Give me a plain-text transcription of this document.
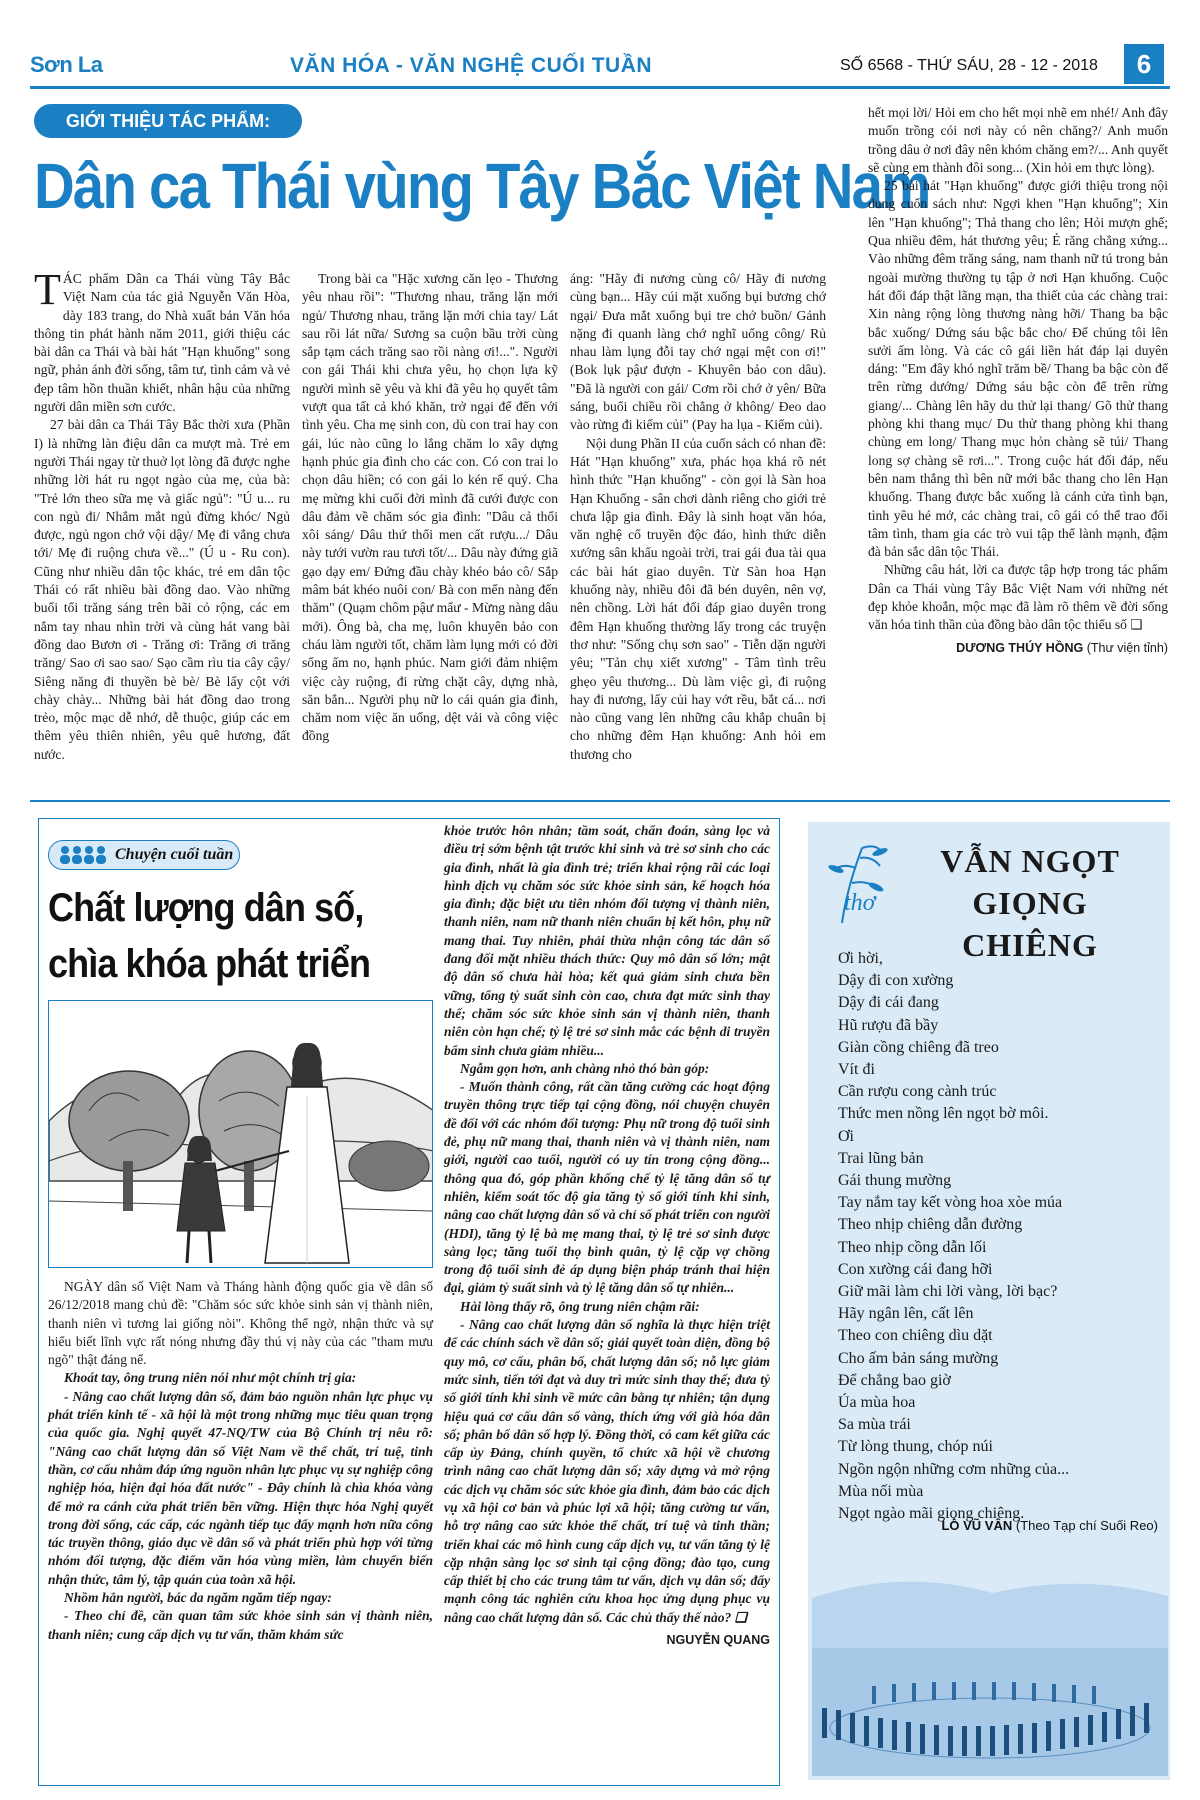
Sơn La	VĂN HÓA - VĂN NGHỆ CUỐI TUẦN	SỐ 6568 - THỨ SÁU, 28 - 12 - 2018	6
GIỚI THIỆU TÁC PHẨM:
Dân ca Thái vùng Tây Bắc Việt Nam

TÁC phẩm Dân ca Thái vùng Tây Bắc Việt Nam của tác giả Nguyễn Văn Hòa, dày 183 trang, do Nhà xuất bản Văn hóa thông tin phát hành năm 2011, giới thiệu các bài dân ca Thái và bài hát "Hạn khuống" song ngữ, phản ánh đời sống, tâm tư, tình cảm và vẻ đẹp tâm hồn thuần khiết, nhân hậu của những người dân miền sơn cước.

27 bài dân ca Thái Tây Bắc thời xưa (Phần I) là những làn điệu dân ca mượt mà. Trẻ em người Thái ngay từ thuở lọt lòng đã được nghe những lời hát ru ngọt ngào của mẹ, của bà: "Trẻ lớn theo sữa mẹ và giấc ngủ": "Ú u... ru con ngủ đi/ Nhắm mắt ngủ đừng khóc/ Ngủ được, ngủ ngon chớ vội dậy/ Mẹ đi vắng chưa tới/ Mẹ đi ruộng chưa về..." (Ú u - Ru con). Cũng như nhiều dân tộc khác, trẻ em dân tộc Thái có rất nhiều bài đồng dao. Vào những buổi tối trăng sáng trên bãi cỏ rộng, các em nắm tay nhau nhìn trời và cùng hát vang bài đồng dao Bươn ơi - Trăng ơi: Trăng ơi trăng trăng/ Sao ơi sao sao/ Sạo cầm rìu tia cây cậy/ Siêng năng đi thuyền bè bè/ Bè lấy cột với chày chày... Những bài hát đồng dao trong trẻo, mộc mạc dễ nhớ, dễ thuộc, giúp các em thêm yêu thiên nhiên, yêu quê hương, đất nước.

Trong bài ca "Hặc xương căn lẹo - Thương yêu nhau rồi": "Thương nhau, trăng lặn mới ngủ/ Thương nhau, trăng lặn mới chia tay/ Lát sau rồi lát nữa/ Sương sa cuộn bầu trời cùng sắp tạm cách trăng sao rồi nàng ơi!...". Người con gái Thái khi chưa yêu, họ chọn lựa kỹ người mình sẽ yêu và khi đã yêu họ quyết tâm vượt qua tất cả khó khăn, trở ngại để đến với tình yêu. Cha mẹ sinh con, dù con trai hay con gái, lúc nào cũng lo lắng chăm lo xây dựng hạnh phúc gia đình cho các con. Có con trai lo chọn dâu hiền; có con gái lo kén rể quý. Cha mẹ mừng khi cuối đời mình đã cưới được con dâu đảm về chăm sóc gia đình: "Dâu cả thổi xôi sáng/ Dâu thứ thổi men cất rượu.../ Dâu này tưới vườn rau tươi tốt/... Dâu này đứng giã gạo dạy em/ Đứng đầu chày khéo bảo cô/ Sắp mâm bát khéo nuôi con/ Bà con mến nàng đến thăm" (Quạm chôm pậư mẩư - Mừng nàng dâu mới). Ông bà, cha mẹ, luôn khuyên bảo con cháu làm người tốt, chăm làm lụng mới có đời sống ấm no, hạnh phúc. Nam giới đảm nhiệm việc cày ruộng, đi rừng chặt cây, dựng nhà, săn bắn... Người phụ nữ lo cái quán gia đình, chăm nom việc ăn uống, dệt vải và công việc đồng

áng: "Hãy đi nương cùng cô/ Hãy đi nương cùng bạn... Hãy cúi mặt xuống bụi bương chớ ngại/ Đưa mắt xuống bụi tre chớ buồn/ Gánh nặng đi quanh làng chớ nghĩ uổng công/ Rủ nhau làm lụng đỗi tay chớ ngại mệt con ơi!" (Bok lụk pậư đượn - Khuyên bảo con dâu). "Đã là người con gái/ Cơm rồi chớ ở yên/ Bữa sáng, buổi chiều rồi chẳng ở không/ Đeo dao vào rừng đi kiếm củi" (Pay ha lụa - Kiếm củi).

Nội dung Phần II của cuốn sách có nhan đề: Hát "Hạn khuống" xưa, phác họa khá rõ nét hình thức "Hạn khuống" - còn gọi là Sàn hoa Hạn Khuống - sân chơi dành riêng cho giới trẻ chưa lập gia đình. Đây là sinh hoạt văn hóa, văn nghệ cổ truyền độc đáo, hình thức diễn xướng sân khấu ngoài trời, trai gái đua tài qua các bài hát giao duyên. Từ Sàn hoa Hạn khuống này, nhiều đôi đã bén duyên, nên vợ, nên chồng. Lời hát đối đáp giao duyên trong đêm Hạn khuống thường lấy trong các truyện thơ như: "Sống chụ sơn sao" - Tiễn dặn người yêu; "Tản chụ xiết xương" - Tâm tình trêu ghẹo yêu thương... Dù làm việc gì, đi ruộng hay đi nương, lấy củi hay vớt rều, bắt cá... nơi nào cũng vang lên những câu khắp chuân bị cho những đêm Hạn khuống: Anh hỏi em thương cho

hết mọi lời/ Hỏi em cho hết mọi nhẽ em nhé!/ Anh đây muốn trồng cói nơi này có nên chăng?/ Anh muốn trồng dâu ở nơi đây nên khóm chăng em?/... Anh quyết sẽ cùng em thành đôi song... (Xin hỏi em thực lòng).

25 bài hát "Hạn khuống" được giới thiệu trong nội dung cuốn sách như: Ngợi khen "Hạn khuống"; Xin lên "Hạn khuống"; Thả thang cho lên; Hỏi mượn ghế; Qua nhiều đêm, hát thương yêu; Ẻ răng chẳng xứng... Vào những đêm trăng sáng, nam thanh nữ tú trong bản ngoài mường thường tụ tập ở nơi Hạn khuống. Cuộc hát đối đáp thật lãng mạn, tha thiết của các chàng trai: Xin nàng rộng lòng thương nàng hỡi/ Thang ba bậc bắc xuống/ Dứng sáu bậc bắc cho/ Để chúng tôi lên sưởi ấm lòng. Và các cô gái liền hát đáp lại duyên dáng: "Em đây khó nghĩ trăm bề/ Thang ba bậc còn để trên rừng dướng/ Dứng sáu bậc còn để trên rừng giang/... Chàng lên hãy du thử lại thang/ Gõ thử thang phòng khi thang mục/ Du thử thang phòng khi thang chùng em long/ Thang mục hỏn chàng sẽ túi/ Thang long sợ chàng sẽ rơi...". Trong cuộc hát đối đáp, nếu bên nam thắng thì bên nữ mới bắc thang cho lên Hạn khuống. Thang được bắc xuống là cánh cửa tình bạn, tình yêu hé mở, các chàng trai, cô gái có thể trao đổi tâm tình, tham gia các trò vui tập thể lành mạnh, đậm đà bản sắc dân tộc Thái.

Những câu hát, lời ca được tập hợp trong tác phẩm Dân ca Thái vùng Tây Bắc Việt Nam với những nét đẹp khỏe khoắn, mộc mạc đã làm rõ thêm về đời sống văn hóa tinh thần của đồng bào dân tộc thiểu số ❑

DƯƠNG THÚY HỒNG (Thư viện tỉnh)

Chuyện cuối tuần
Chất lượng dân số, chìa khóa phát triển

NGÀY dân số Việt Nam và Tháng hành động quốc gia về dân số 26/12/2018 mang chủ đề: "Chăm sóc sức khỏe sinh sản vị thành niên, thanh niên vì tương lai giống nòi". Không thể ngờ, nhận thức và sự hiểu biết lĩnh vực rất nóng nhưng đầy thú vị này của các "tham mưu ngõ" thật đáng nể.

Khoát tay, ông trung niên nói như một chính trị gia:

- Nâng cao chất lượng dân số, đảm bảo nguồn nhân lực phục vụ phát triển kinh tế - xã hội là một trong những mục tiêu quan trọng của quốc gia. Nghị quyết 47-NQ/TW của Bộ Chính trị nêu rõ: "Nâng cao chất lượng dân số Việt Nam về thể chất, trí tuệ, tinh thần, cơ cấu nhằm đáp ứng nguồn nhân lực phục vụ sự nghiệp công nghiệp hóa, hiện đại hóa đất nước" - Đây chính là chìa khóa vàng để mở ra cánh cửa phát triển bền vững. Hiện thực hóa Nghị quyết trong đời sống, các cấp, các ngành tiếp tục đẩy mạnh hơn nữa công tác truyền thông, giáo dục về dân số và phát triển phù hợp với từng nhóm đối tượng, đặc điểm văn hóa vùng miền, làm chuyển biến nhận thức, tâm lý, tập quán của toàn xã hội.

Nhồm hẳn người, bác da ngăm ngăm tiếp ngay:

- Theo chỉ đề, cần quan tâm sức khỏe sinh sản vị thành niên, thanh niên; cung cấp dịch vụ tư vấn, thăm khám sức

khỏe trước hôn nhân; tầm soát, chẩn đoán, sàng lọc và điều trị sớm bệnh tật trước khi sinh và trẻ sơ sinh cho các gia đình, nhất là gia đình trẻ; triển khai rộng rãi các loại hình dịch vụ chăm sóc sức khỏe sinh sản, kế hoạch hóa gia đình; đặc biệt ưu tiên nhóm đối tượng vị thành niên, thanh niên, nam nữ thanh niên chuẩn bị kết hôn, phụ nữ mang thai. Tuy nhiên, phải thừa nhận công tác dân số đang đối mặt nhiều thách thức: Quy mô dân số lớn; mật độ dân số chưa hài hòa; kết quả giảm sinh chưa bền vững, tổng tỷ suất sinh còn cao, chưa đạt mức sinh thay thế; chăm sóc sức khỏe sinh sản vị thành niên, thanh niên còn hạn chế; tỷ lệ trẻ sơ sinh mắc các bệnh di truyền bẩm sinh chưa giảm nhiều...

Ngẫm gọn hơn, anh chàng nhỏ thó bàn góp:

- Muốn thành công, rất cần tăng cường các hoạt động truyền thông trực tiếp tại cộng đồng, nói chuyện chuyên đề đối với các nhóm đối tượng: Phụ nữ trong độ tuổi sinh đẻ, phụ nữ mang thai, thanh niên và vị thành niên, nam giới, người cao tuổi, người có uy tín trong cộng đồng... thông qua đó, góp phần khống chế tỷ lệ tăng dân số tự nhiên, kiểm soát tốc độ gia tăng tỷ số giới tính khi sinh, nâng cao chất lượng dân số và chỉ số phát triển con người (HDI), tăng tỷ lệ bà mẹ mang thai, tỷ lệ trẻ sơ sinh được sàng lọc; tăng tuổi thọ bình quân, tỷ lệ cặp vợ chồng trong độ tuổi sinh đẻ áp dụng biện pháp tránh thai hiện đại, giảm tỷ suất sinh và tỷ lệ tăng dân số tự nhiên...

Hài lòng thấy rõ, ông trung niên chậm rãi:

- Nâng cao chất lượng dân số nghĩa là thực hiện triệt để các chính sách về dân số; giải quyết toàn diện, đồng bộ quy mô, cơ cấu, phân bố, chất lượng dân số; nỗ lực giảm mức sinh, tiến tới đạt và duy trì mức sinh thay thế; đưa tỷ số giới tính khi sinh về mức cân bằng tự nhiên; tận dụng hiệu quả cơ cấu dân số vàng, thích ứng với già hóa dân số; phân bố dân số hợp lý. Đồng thời, có cam kết giữa các cấp ủy Đảng, chính quyền, tổ chức xã hội về chương trình nâng cao chất lượng dân số; xây dựng và mở rộng các dịch vụ chăm sóc sức khỏe gia đình, đảm bảo các dịch vụ xã hội cơ bản và phúc lợi xã hội; tăng cường tư vấn, hỗ trợ nâng cao sức khỏe thể chất, trí tuệ và tinh thần; triển khai các mô hình cung cấp dịch vụ, tư vấn tăng tỷ lệ cặp nhận sàng lọc sơ sinh tại cộng đồng; đào tạo, cung cấp thiết bị cho các trung tâm tư vấn, dịch vụ dân số; đẩy mạnh công tác nghiên cứu khoa học ứng dụng phục vụ nâng cao chất lượng dân số. Các chủ thấy thế nào? ❑

NGUYỄN QUANG

thơ
VẪN NGỌT
GIỌNG CHIÊNG
Ơi hời,
Dậy đi con xường
Dậy đi cái đang
Hũ rượu đã bầy
Giàn cồng chiêng đã treo
Vít đi
Cần rượu cong cành trúc
Thức men nồng lên ngọt bờ môi.
Ơi
Trai lũng bản
Gái thung mường
Tay nắm tay kết vòng hoa xòe múa
Theo nhịp chiêng dẫn đường
Theo nhịp cồng dẫn lối
Con xường cái đang hỡi
Giữ mãi làm chi lời vàng, lời bạc?
Hãy ngân lên, cất lên
Theo con chiêng dìu dặt
Cho ấm bản sáng mường
Để chẳng bao giờ
Úa mùa hoa
Sa mùa trái
Từ lòng thung, chóp núi
Ngồn ngộn những cơm những của...
Mùa nối mùa
Ngọt ngào mãi giọng chiêng.
LÒ VŨ VÂN (Theo Tạp chí Suối Reo)
